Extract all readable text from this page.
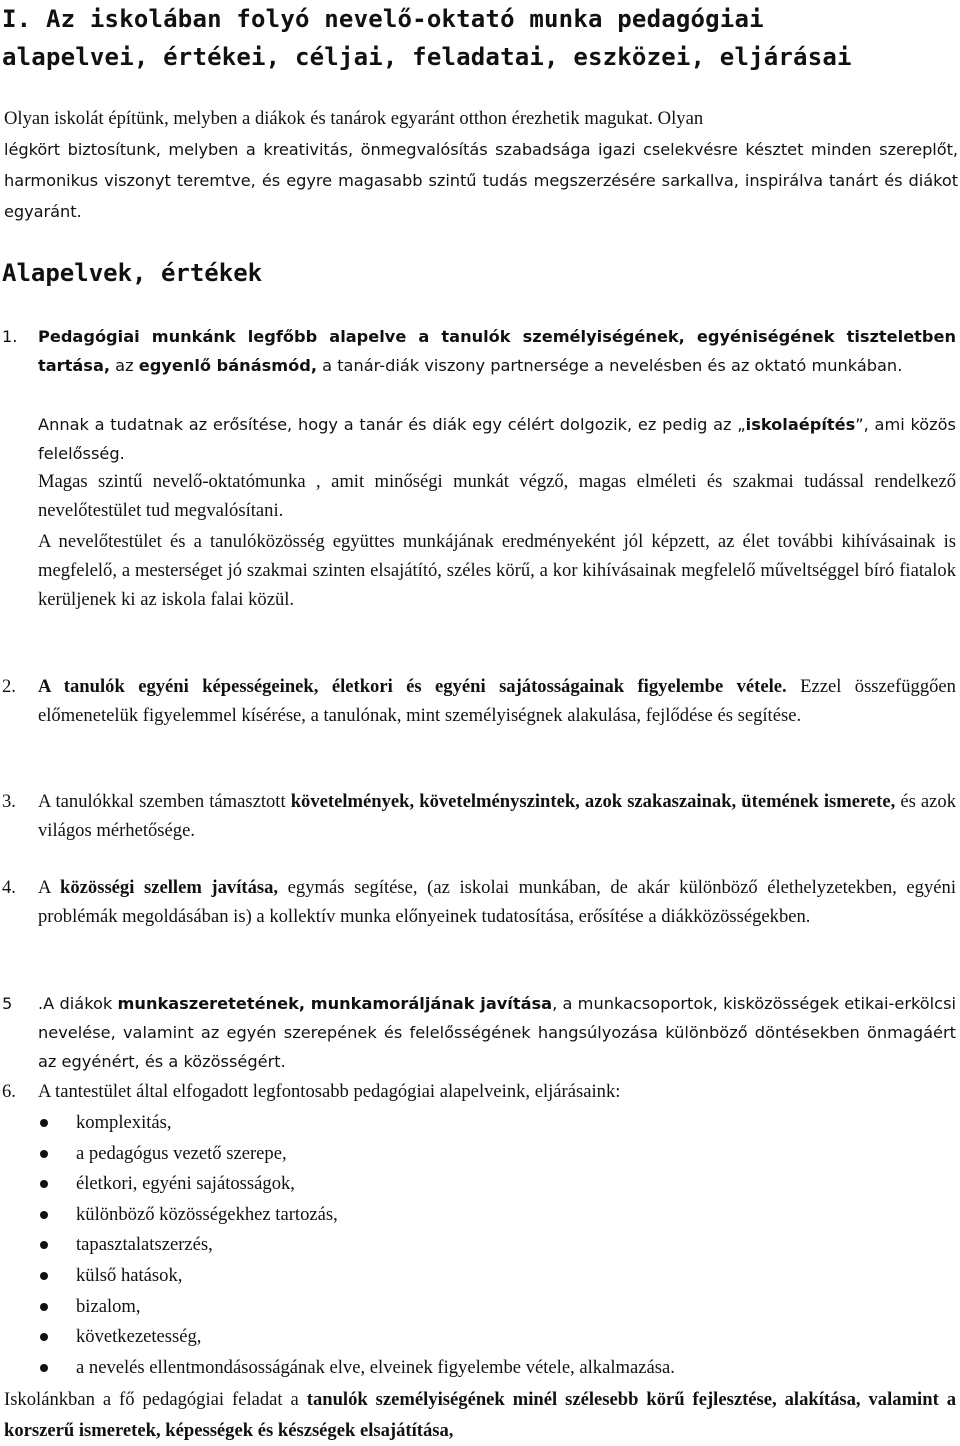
I. Az iskolában folyó nevelő-oktató munka pedagógiai
alapelvei, értékei, céljai, feladatai, eszközei, eljárásai

Olyan iskolát építünk, melyben a diákok és tanárok egyaránt otthon érezhetik magukat. Olyan

légkört biztosítunk, melyben a kreativitás, önmegvalósítás szabadsága igazi cselekvésre késztet minden szereplőt, harmonikus viszonyt teremtve, és egyre magasabb szintű tudás megszerzésére sarkallva, inspirálva tanárt és diákot egyaránt.

Alapelvek, értékek
1. Pedagógiai munkánk legfőbb alapelve a tanulók személyiségének, egyéniségének tiszteletben tartása, az egyenlő bánásmód, a tanár-diák viszony partnersége a nevelésben és az oktató munkában.

Annak a tudatnak az erősítése, hogy a tanár és diák egy célért dolgozik, ez pedig az „iskolaépítés”, ami közös felelősség.

Magas szintű nevelő-oktatómunka , amit minőségi munkát végző, magas elméleti és szakmai tudással rendelkező nevelőtestület tud megvalósítani.

A nevelőtestület és a tanulóközösség együttes munkájának eredményeként jól képzett, az élet további kihívásainak is megfelelő, a mesterséget jó szakmai szinten elsajátító, széles körű, a kor kihívásainak megfelelő műveltséggel bíró fiatalok kerüljenek ki az iskola falai közül.

2. A tanulók egyéni képességeinek, életkori és egyéni sajátosságainak figyelembe vétele. Ezzel összefüggően előmenetelük figyelemmel kísérése, a tanulónak, mint személyiségnek alakulása, fejlődése és segítése.

3. A tanulókkal szemben támasztott követelmények, követelményszintek, azok szakaszainak, ütemének ismerete, és azok világos mérhetősége.

4. A közösségi szellem javítása, egymás segítése, (az iskolai munkában, de akár különböző élethelyzetekben, egyéni problémák megoldásában is) a kollektív munka előnyeinek tudatosítása, erősítése a diákközösségekben.

5 .A diákok munkaszeretetének, munkamoráljának javítása, a munkacsoportok, kisközösségek etikai-erkölcsi nevelése, valamint az egyén szerepének és felelősségének hangsúlyozása különböző döntésekben önmagáért az egyénért, és a közösségért.

6. A tantestület által elfogadott legfontosabb pedagógiai alapelveink, eljárásaink:

komplexitás,
a pedagógus vezető szerepe,
életkori, egyéni sajátosságok,
különböző közösségekhez tartozás,
tapasztalatszerzés,
külső hatások,
bizalom,
következetesség,
a nevelés ellentmondásosságának elve, elveinek figyelembe vétele, alkalmazása.

Iskolánkban a fő pedagógiai feladat a tanulók személyiségének minél szélesebb körű fejlesztése, alakítása, valamint a korszerű ismeretek, képességek és készségek elsajátítása,
